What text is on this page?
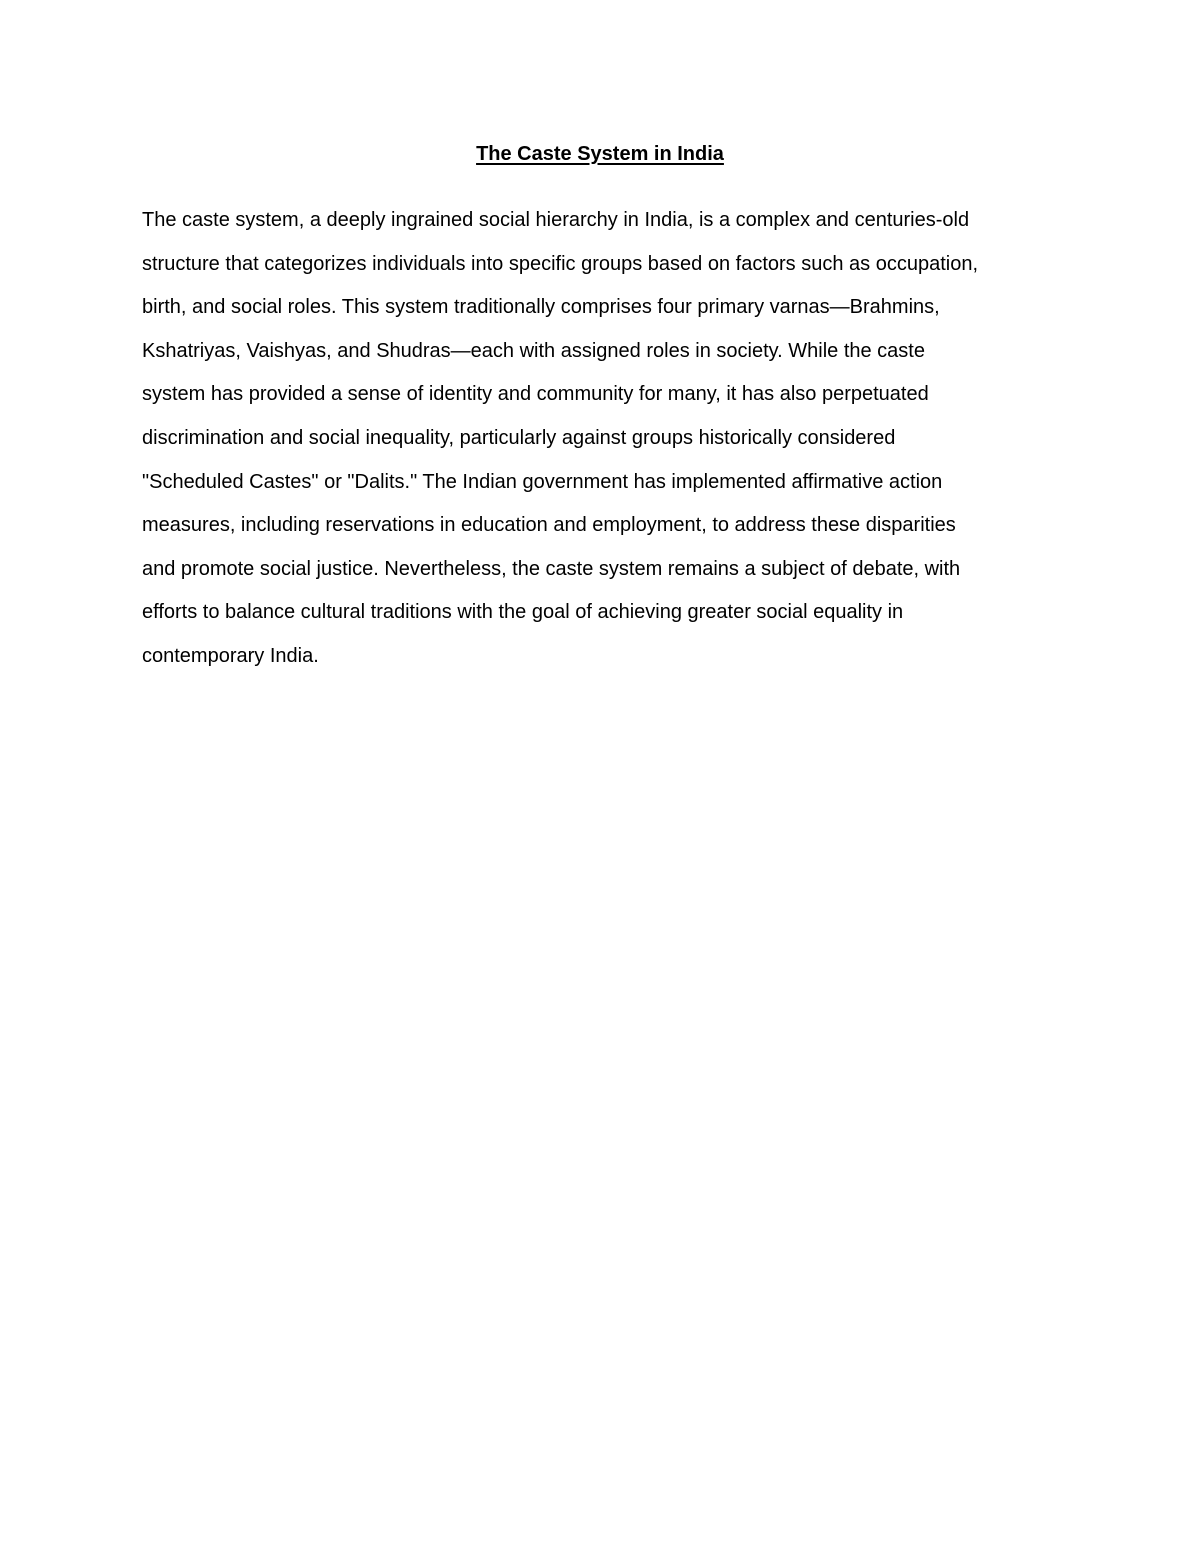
The Caste System in India
The caste system, a deeply ingrained social hierarchy in India, is a complex and centuries-old
structure that categorizes individuals into specific groups based on factors such as occupation,
birth, and social roles. This system traditionally comprises four primary varnas—Brahmins,
Kshatriyas, Vaishyas, and Shudras—each with assigned roles in society. While the caste
system has provided a sense of identity and community for many, it has also perpetuated
discrimination and social inequality, particularly against groups historically considered
"Scheduled Castes" or "Dalits." The Indian government has implemented affirmative action
measures, including reservations in education and employment, to address these disparities
and promote social justice. Nevertheless, the caste system remains a subject of debate, with
efforts to balance cultural traditions with the goal of achieving greater social equality in
contemporary India.
